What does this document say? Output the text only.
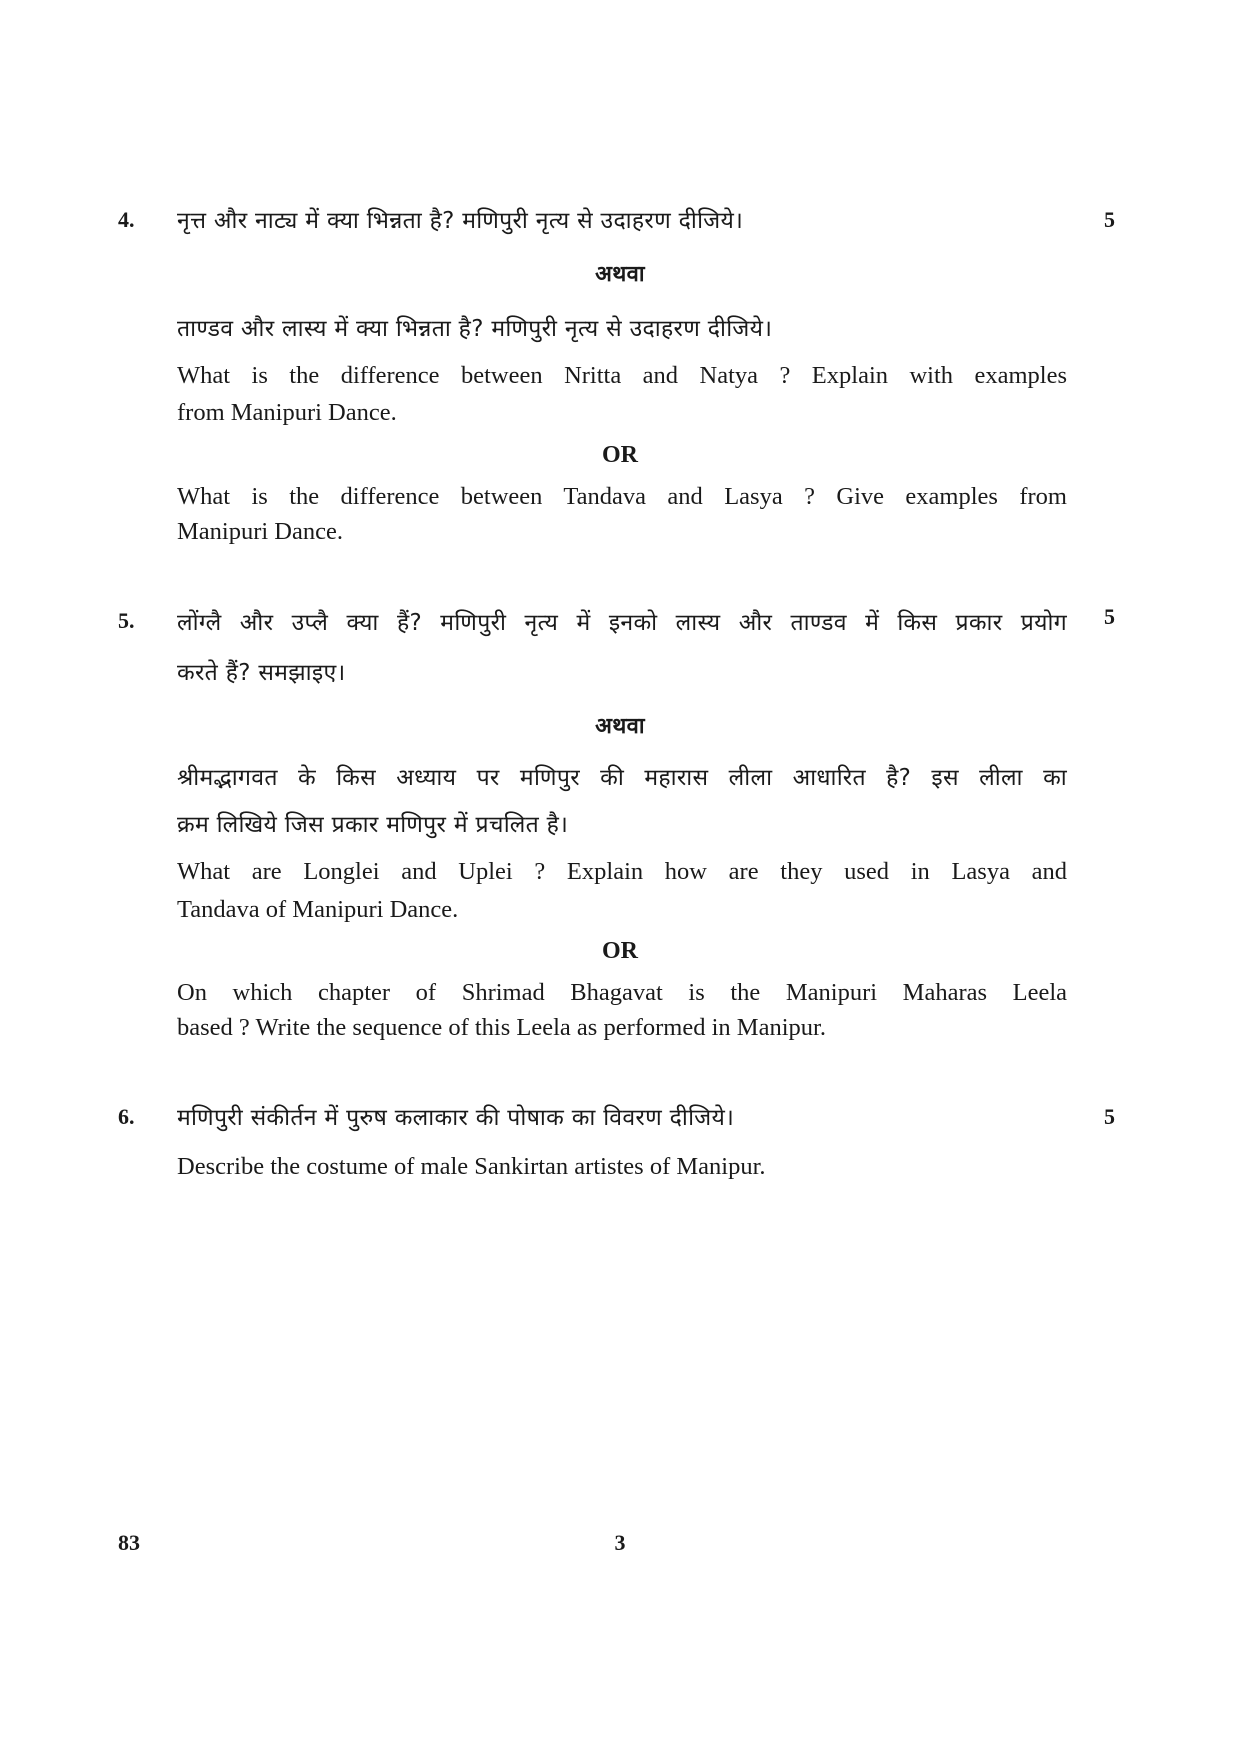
4.	5
नृत्त और नाट्य में क्या भिन्नता है? मणिपुरी नृत्य से उदाहरण दीजिये।
अथवा
ताण्डव और लास्य में क्या भिन्नता है? मणिपुरी नृत्य से उदाहरण दीजिये।
What is the difference between Nritta and Natya ? Explain with examples
from Manipuri Dance.
OR
What is the difference between Tandava and Lasya ? Give examples from
Manipuri Dance.
5.	5
लोंग्लै और उप्लै क्या हैं? मणिपुरी नृत्य में इनको लास्य और ताण्डव में किस प्रकार प्रयोग
करते हैं? समझाइए।
अथवा
श्रीमद्भागवत के किस अध्याय पर मणिपुर की महारास लीला आधारित है? इस लीला का
क्रम लिखिये जिस प्रकार मणिपुर में प्रचलित है।
What are Longlei and Uplei ? Explain how are they used in Lasya and
Tandava of Manipuri Dance.
OR
On which chapter of Shrimad Bhagavat is the Manipuri Maharas Leela
based ? Write the sequence of this Leela as performed in Manipur.
6.	5
मणिपुरी संकीर्तन में पुरुष कलाकार की पोषाक का विवरण दीजिये।
Describe the costume of male Sankirtan artistes of Manipur.
83	3
